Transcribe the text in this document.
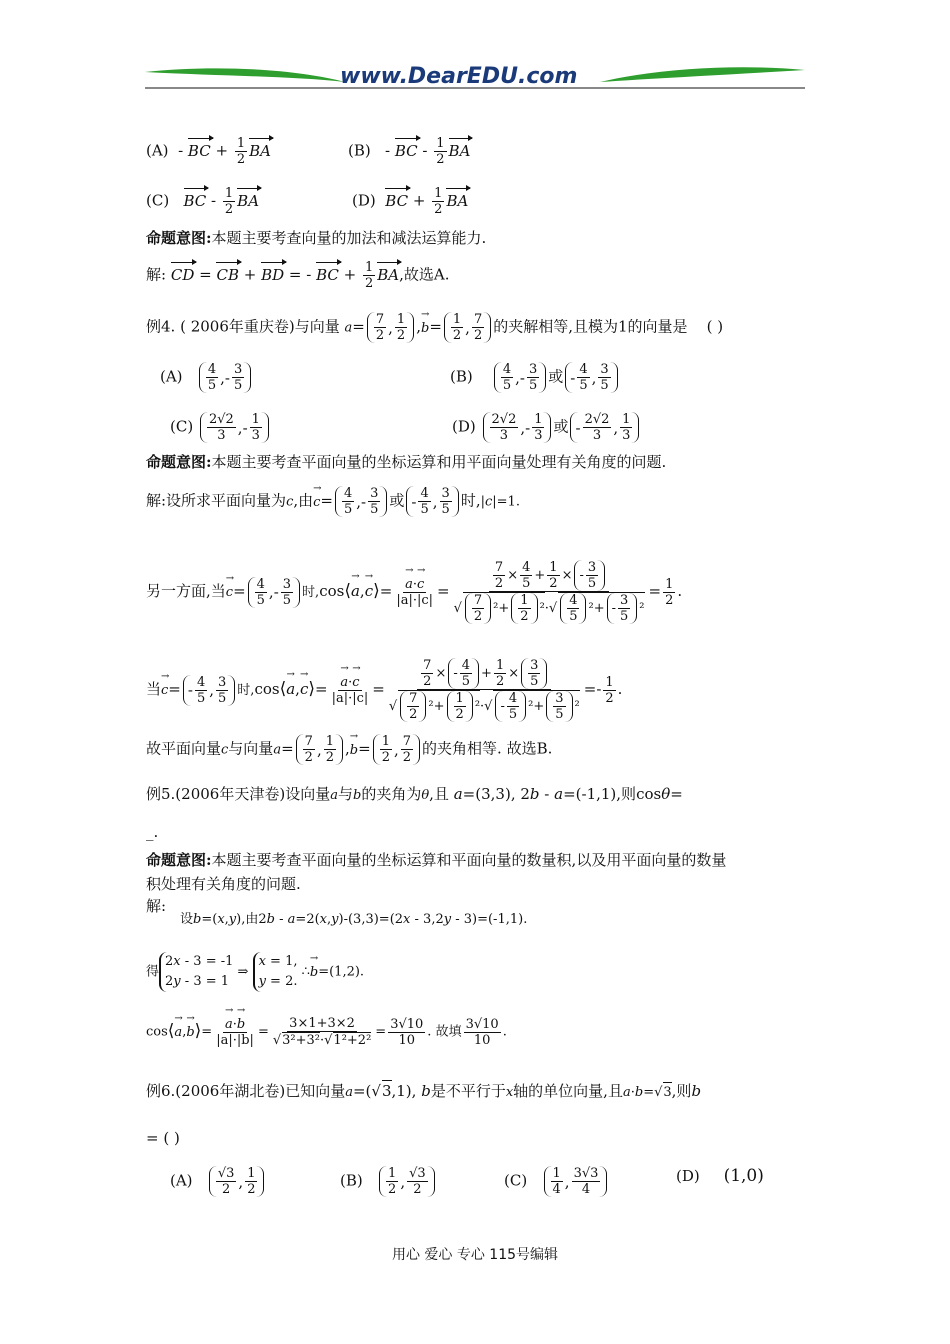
www.DearEDU.com
(A)  - BC + $\frac{1}{2}$ BA	(B)   - BC - $\frac{1}{2}$ BA
(C) BC - $\frac{1}{2}$ BA	(D) BC + $\frac{1}{2}$ BA
命题意图:本题主要考查向量的加法和减法运算能力.
解: CD = CB + BD = - BC + $\frac{1}{2}$ BA,故选A.
例4. ( 2006年重庆卷)与向量 $a= \frac{7}{2}$ , $\frac{1}{2}$ ,→ $b= \frac{1}{2}$ , $\frac{7}{2}$ 的夹解相等,且模为1的向量是 ( )
$(A) \frac{4}{5}$ ,- $\frac{3}{5}$	$(B) \frac{4}{5}$ ,- $\frac{3}{5}$ 或 - $\frac{4}{5}$ , $\frac{3}{5}$
$(C) \frac{2√2}{3}$ ,- $\frac{1}{3}$	$(D) \frac{2√2}{3}$ ,- $\frac{1}{3}$ 或 - $\frac{2√2}{3}$ , $\frac{1}{3}$
命题意图:本题主要考查平面向量的坐标运算和用平面向量处理有关角度的问题.
解:设所求平面向量为c,由→ $c= \frac{4}{5}$ ,- $\frac{3}{5}$ 或 - $\frac{4}{5}$ , $\frac{3}{5}$ 时,|c|=1.
另一方面,当→ $c= \frac{4}{5}$ ,- $\frac{3}{5}$ 时,cos⟨→ a,→ c⟩= → $\frac{a\cdot\to c}{|a|\cdot|c|} = \frac{\frac{7}{2} \times \frac{4}{5} + \frac{1}{2} \times - \frac{3}{5}}{√ \frac{7}{2} ^2+ \frac{1}{2} ^2\cdot√ \frac{4}{5} ^2+ - \frac{3}{5} ^2} = \frac{1}{2}$ .
当→ $c= - \frac{4}{5}$ , $\frac{3}{5}$ 时,cos⟨→ a,→ c⟩= → $\frac{a\cdot\to c}{|a|\cdot|c|} = \frac{\frac{7}{2} \times - \frac{4}{5} + \frac{1}{2} \times \frac{3}{5}}{√ \frac{7}{2} ^2+ \frac{1}{2} ^2\cdot√ - \frac{4}{5} ^2+ \frac{3}{5} ^2} =- \frac{1}{2}$ .
故平面向量c与向量$a= \frac{7}{2}$ , $\frac{1}{2}$ ,→ $b= \frac{1}{2}$ , $\frac{7}{2}$ 的夹角相等. 故选B.
例5.(2006年天津卷)设向量a与b的夹角为θ,且 a=(3,3), 2b - a=(-1,1),则cosθ=
_.
命题意图:本题主要考查平面向量的坐标运算和平面向量的数量积,以及用平面向量的数量
积处理有关角度的问题.
解:
设b=(x,y),由2b - a=2(x,y)-(3,3)=(2x - 3,2y - 3)=(-1,1).
得
2x - 3 = -1
2y - 3 = 1
⇒
x = 1,
y = 2.
∴→ b=(1,2).
cos⟨→ a,→ b⟩= → $\frac{a\cdot\to b}{|a|\cdot|b|} = \frac{3\times 1+3\times 2}{\text{√3²+3²·√1²+2²}} = \frac{3√10}{10}$ . 故填 $\frac{3√10}{10}$ .
例6.(2006年湖北卷)已知向量a=(√3,1), b是不平行于x轴的单位向量,且a·b=√3,则b
= ( )
$(A) \frac{√3}{2}$ , $\frac{1}{2}$	$(B) \frac{1}{2}$ , $\frac{√3}{2}$	$(C) \frac{1}{4}$ , $\frac{3√3}{4}$	(D) (1,0)
用心 爱心 专心 115号编辑
